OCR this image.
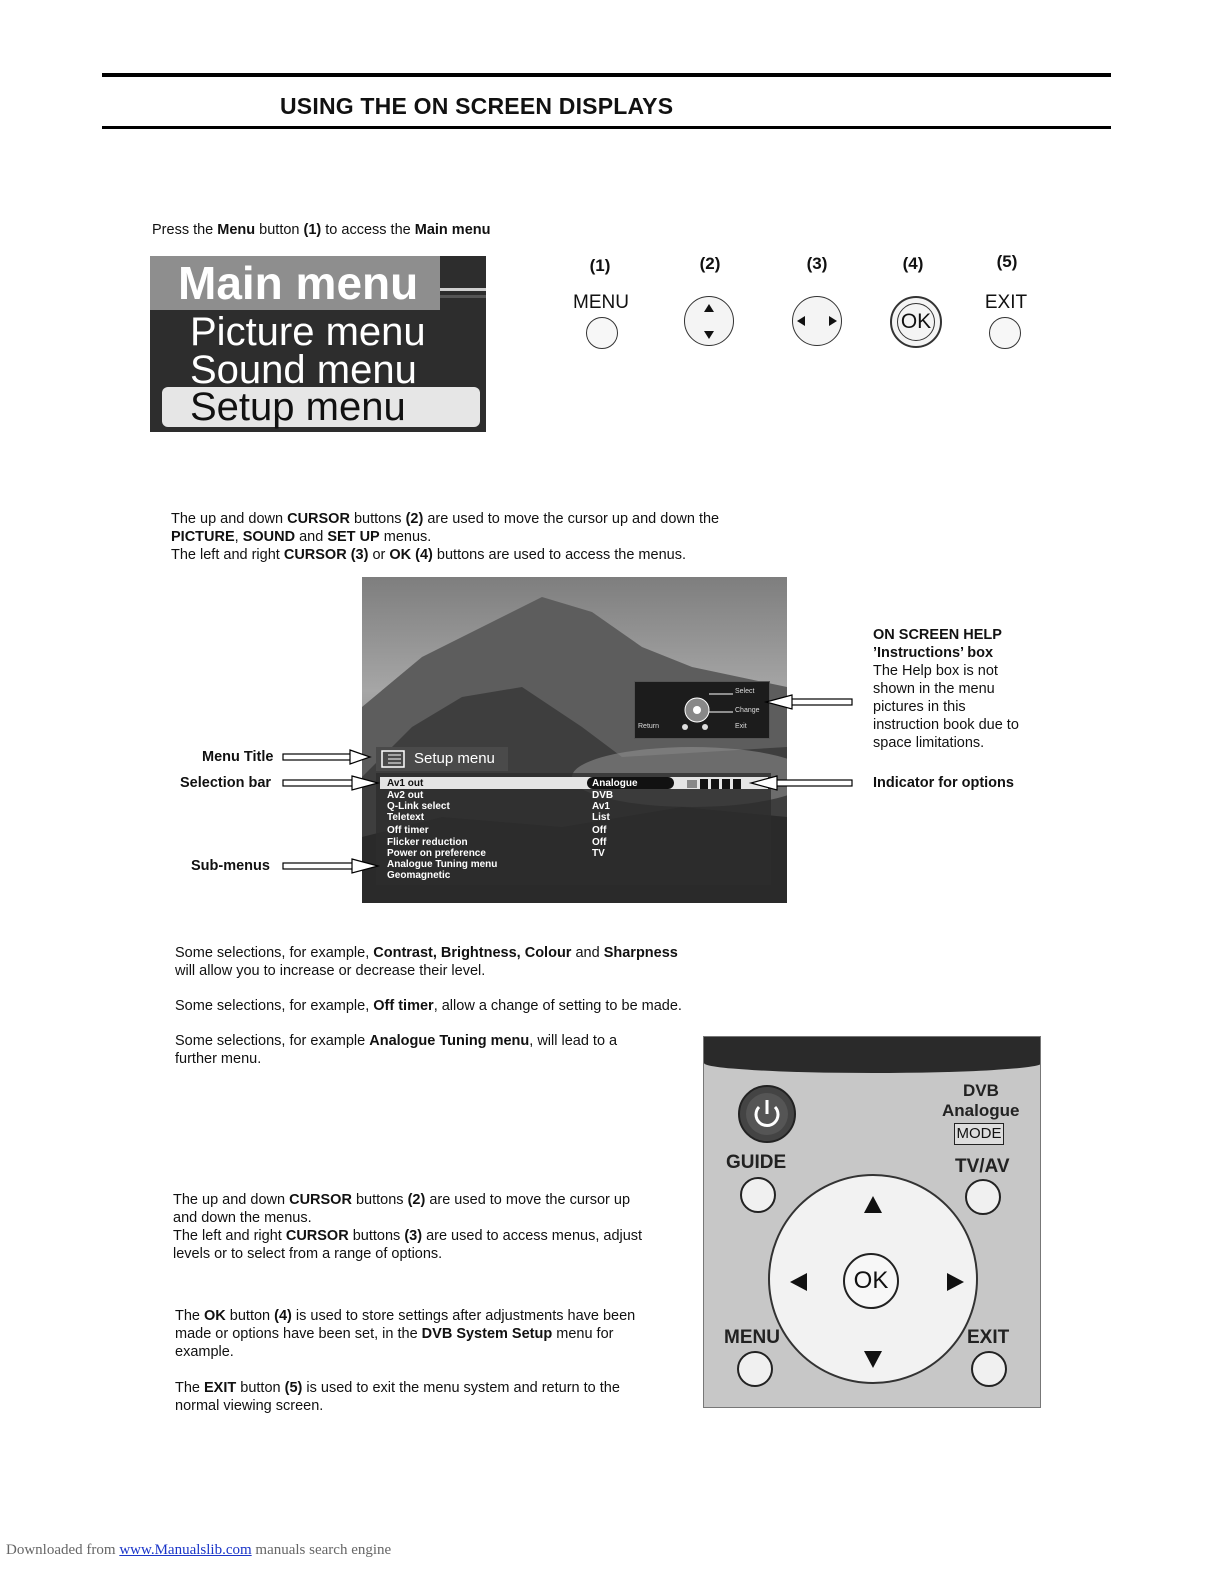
USING THE ON SCREEN DISPLAYS
Press the Menu button (1) to access the Main menu
Main menu
Picture menu
Sound menu
Setup menu
(1)	(2)	(3)	(4)	(5)
MENU
OK
EXIT
The up and down CURSOR buttons (2) are used to move the cursor up and down the
PICTURE, SOUND and SET UP menus.
The left and right CURSOR (3) or OK (4) buttons are used to access the menus.
Select
Change
Return	Exit
Setup menu
Av1 out	Analogue
Av2 out	DVB
Q-Link select	Av1
Teletext	List
Off timer	Off
Flicker reduction	Off
Power on preference	TV
Analogue Tuning menu
Geomagnetic
Menu Title
Selection bar
Sub-menus
ON SCREEN HELP
’Instructions’ box
The Help box is not
shown in the menu
pictures in this
instruction book due to
space limitations.
Indicator for options
Some selections, for example, Contrast, Brightness, Colour and Sharpness
will allow you to increase or decrease their level.
Some selections, for example, Off timer, allow a change of setting to be made.
Some selections, for example Analogue Tuning menu, will lead to a
further menu.
The up and down CURSOR buttons (2) are used to move the cursor up
and down the menus.
The left and right CURSOR buttons (3) are used to access menus, adjust
levels or to select from a range of options.
The OK button (4) is used to store settings after adjustments have been
made or options have been set, in the DVB System Setup menu for
example.
The EXIT button (5) is used to exit the menu system and return to the
normal viewing screen.
DVB
Analogue
MODE
GUIDE	TV/AV
OK
MENU	EXIT
Downloaded from www.Manualslib.com manuals search engine
